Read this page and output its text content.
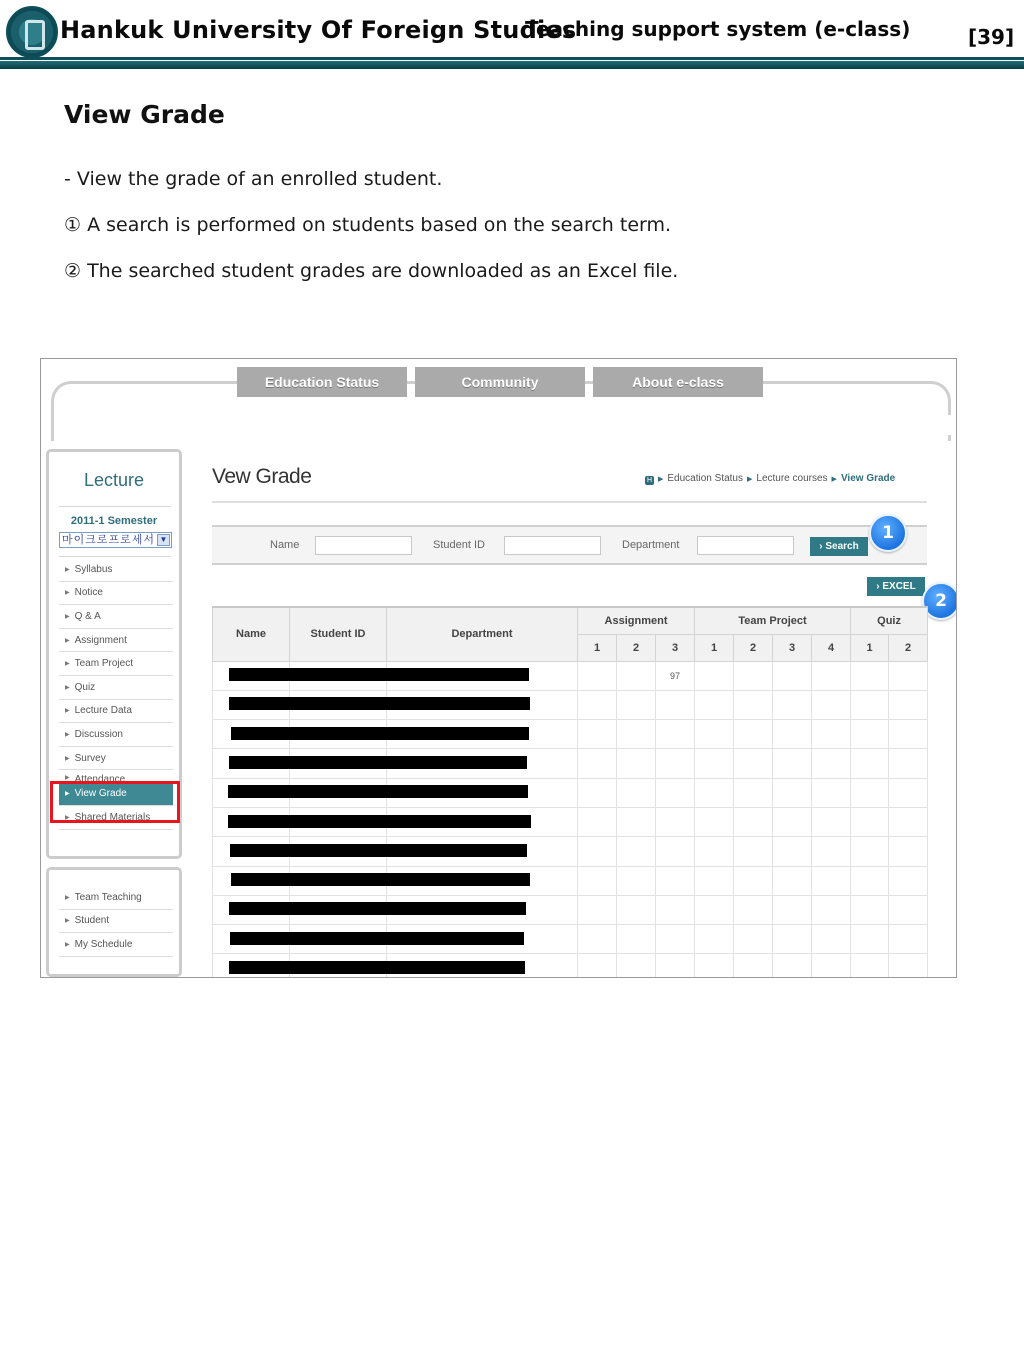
Hankuk University Of Foreign Studies
Teaching support system (e-class)	[39]
View Grade
- View the grade of an enrolled student.
① A search is performed on students based on the search term.
② The searched student grades are downloaded as an Excel file.
Education Status	Community	About e-class
Lecture
2011-1 Semester
마이크로프로세서 ▼
▶ Syllabus
▶ Notice
▶ Q & A
▶ Assignment
▶ Team Project
▶ Quiz
▶ Lecture Data
▶ Discussion
▶ Survey
▶ Attendance
▶ View Grade
▶ Shared Materials
▶ Team Teaching
▶ Student
▶ My Schedule
Vew Grade	H ▶ Education Status ▶ Lecture courses ▶ View Grade
Name	Student ID	Department	› Search
1
› EXCEL
2
Name	Student ID	Department	Assignment			Team Project				Quiz	
			1	2	3	1	2	3	4	1	2
					97						
